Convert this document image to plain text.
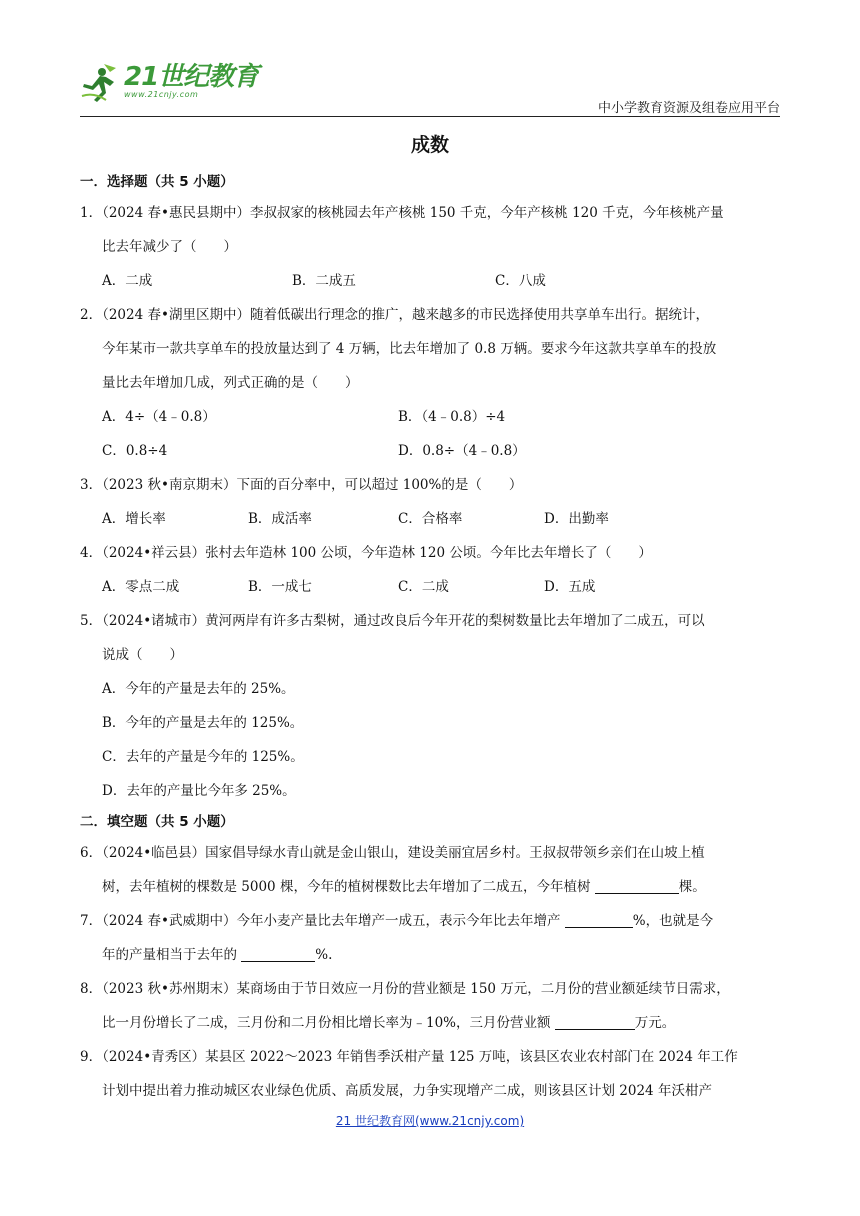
21世纪教育
www.21cnjy.com
中小学教育资源及组卷应用平台
成数
一．选择题（共 5 小题）
1．（2024 春•惠民县期中）李叔叔家的核桃园去年产核桃 150 千克，今年产核桃 120 千克，今年核桃产量
比去年减少了（　　）
A．二成	B．二成五	C．八成
2．（2024 春•湖里区期中）随着低碳出行理念的推广，越来越多的市民选择使用共享单车出行。据统计，
今年某市一款共享单车的投放量达到了 4 万辆，比去年增加了 0.8 万辆。要求今年这款共享单车的投放
量比去年增加几成，列式正确的是（　　）
A．4÷（4﹣0.8）	B．（4﹣0.8）÷4
C．0.8÷4	D．0.8÷（4﹣0.8）
3．（2023 秋•南京期末）下面的百分率中，可以超过 100%的是（　　）
A．增长率	B．成活率	C．合格率	D．出勤率
4．（2024•祥云县）张村去年造林 100 公顷，今年造林 120 公顷。今年比去年增长了（　　）
A．零点二成	B．一成七	C．二成	D．五成
5．（2024•诸城市）黄河两岸有许多古梨树，通过改良后今年开花的梨树数量比去年增加了二成五，可以
说成（　　）
A．今年的产量是去年的 25%。
B．今年的产量是去年的 125%。
C．去年的产量是今年的 125%。
D．去年的产量比今年多 25%。
二．填空题（共 5 小题）
6．（2024•临邑县）国家倡导绿水青山就是金山银山，建设美丽宜居乡村。王叔叔带领乡亲们在山坡上植
树，去年植树的棵数是 5000 棵，今年的植树棵数比去年增加了二成五，今年植树	棵。
7．（2024 春•武威期中）今年小麦产量比去年增产一成五，表示今年比去年增产	%，也就是今
年的产量相当于去年的	%.
8．（2023 秋•苏州期末）某商场由于节日效应一月份的营业额是 150 万元，二月份的营业额延续节日需求，
比一月份增长了二成，三月份和二月份相比增长率为﹣10%，三月份营业额	万元。
9．（2024•青秀区）某县区 2022～2023 年销售季沃柑产量 125 万吨，该县区农业农村部门在 2024 年工作
计划中提出着力推动城区农业绿色优质、高质发展，力争实现增产二成，则该县区计划 2024 年沃柑产
21 世纪教育网(www.21cnjy.com)
